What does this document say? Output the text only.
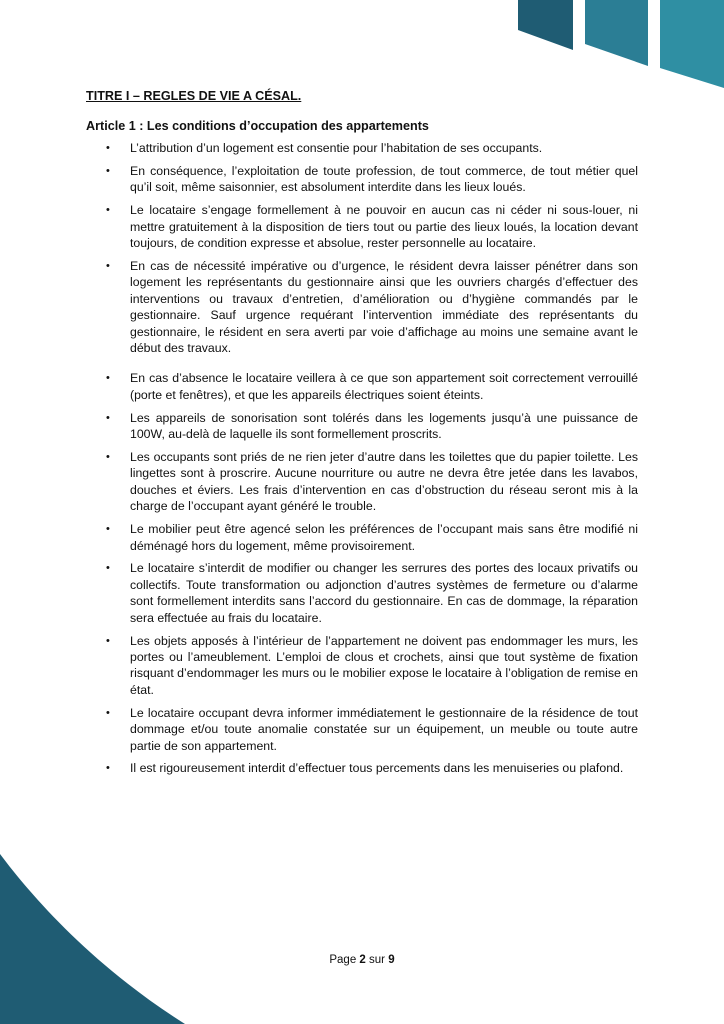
TITRE I – REGLES DE VIE A CÉSAL.
Article 1 : Les conditions d’occupation des appartements
• L’attribution d’un logement est consentie pour l’habitation de ses occupants.
• En conséquence, l’exploitation de toute profession, de tout commerce, de tout métier quel qu’il soit, même saisonnier, est absolument interdite dans les lieux loués.
• Le locataire s’engage formellement à ne pouvoir en aucun cas ni céder ni sous-louer, ni mettre gratuitement à la disposition de tiers tout ou partie des lieux loués, la location devant toujours, de condition expresse et absolue, rester personnelle au locataire.
• En cas de nécessité impérative ou d’urgence, le résident devra laisser pénétrer dans son logement les représentants du gestionnaire ainsi que les ouvriers chargés d’effectuer des interventions ou travaux d’entretien, d’amélioration ou d’hygiène commandés par le gestionnaire. Sauf urgence requérant l’intervention immédiate des représentants du gestionnaire, le résident en sera averti par voie d’affichage au moins une semaine avant le début des travaux.
• En cas d’absence le locataire veillera à ce que son appartement soit correctement verrouillé (porte et fenêtres), et que les appareils électriques soient éteints.
• Les appareils de sonorisation sont tolérés dans les logements jusqu’à une puissance de 100W, au-delà de laquelle ils sont formellement proscrits.
• Les occupants sont priés de ne rien jeter d’autre dans les toilettes que du papier toilette. Les lingettes sont à proscrire. Aucune nourriture ou autre ne devra être jetée dans les lavabos, douches et éviers. Les frais d’intervention en cas d’obstruction du réseau seront mis à la charge de l’occupant ayant généré le trouble.
• Le mobilier peut être agencé selon les préférences de l’occupant mais sans être modifié ni déménagé hors du logement, même provisoirement.
• Le locataire s’interdit de modifier ou changer les serrures des portes des locaux privatifs ou collectifs. Toute transformation ou adjonction d’autres systèmes de fermeture ou d’alarme sont formellement interdits sans l’accord du gestionnaire. En cas de dommage, la réparation sera effectuée au frais du locataire.
• Les objets apposés à l’intérieur de l’appartement ne doivent pas endommager les murs, les portes ou l’ameublement. L’emploi de clous et crochets, ainsi que tout système de fixation risquant d’endommager les murs ou le mobilier expose le locataire à l’obligation de remise en état.
• Le locataire occupant devra informer immédiatement le gestionnaire de la résidence de tout dommage et/ou toute anomalie constatée sur un équipement, un meuble ou toute autre partie de son appartement.
• Il est rigoureusement interdit d’effectuer tous percements dans les menuiseries ou plafond.
Page 2 sur 9
